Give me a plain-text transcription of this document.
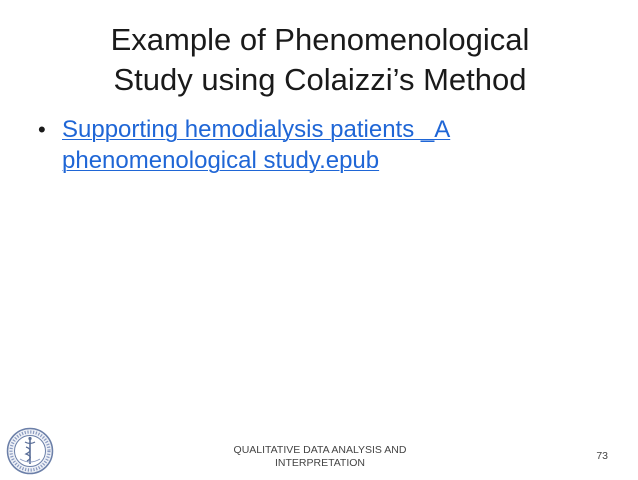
Example of Phenomenological
Study using Colaizzi’s Method
• Supporting hemodialysis patients _A
phenomenological study.epub
QUALITATIVE DATA ANALYSIS AND
INTERPRETATION
73
